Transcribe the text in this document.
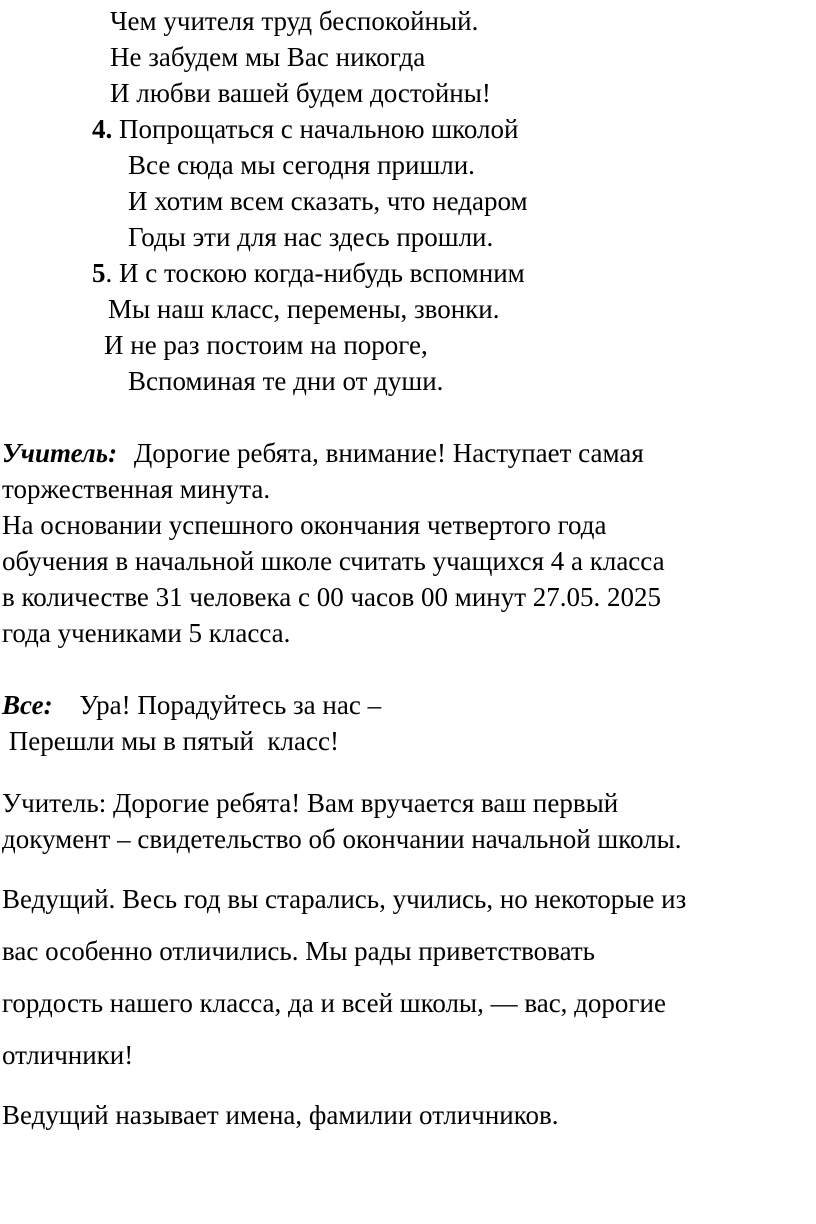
Чем учителя труд беспокойный.
Не забудем мы Вас никогда
И любви вашей будем достойны!
4. Попрощаться с начальною школой
Все сюда мы сегодня пришли.
И хотим всем сказать, что недаром
Годы эти для нас здесь прошли.
5. И с тоскою когда-нибудь вспомним
Мы наш класс, перемены, звонки.
И не раз постоим на пороге,
Вспоминая те дни от души.
Учитель: Дорогие ребята, внимание! Наступает самая
торжественная минута.
На основании успешного окончания четвертого года
обучения в начальной школе считать учащихся 4 а класса
в количестве 31 человека с 00 часов 00 минут 27.05. 2025
года учениками 5 класса.
Все: Ура! Порадуйтесь за нас –
Перешли мы в пятый  класс!
Учитель: Дорогие ребята! Вам вручается ваш первый
документ – свидетельство об окончании начальной школы.
Ведущий. Весь год вы старались, учились, но некоторые из
вас особенно отличились. Мы рады приветствовать
гордость нашего класса, да и всей школы, — вас, дорогие
отличники!
Ведущий называет имена, фамилии отличников.
